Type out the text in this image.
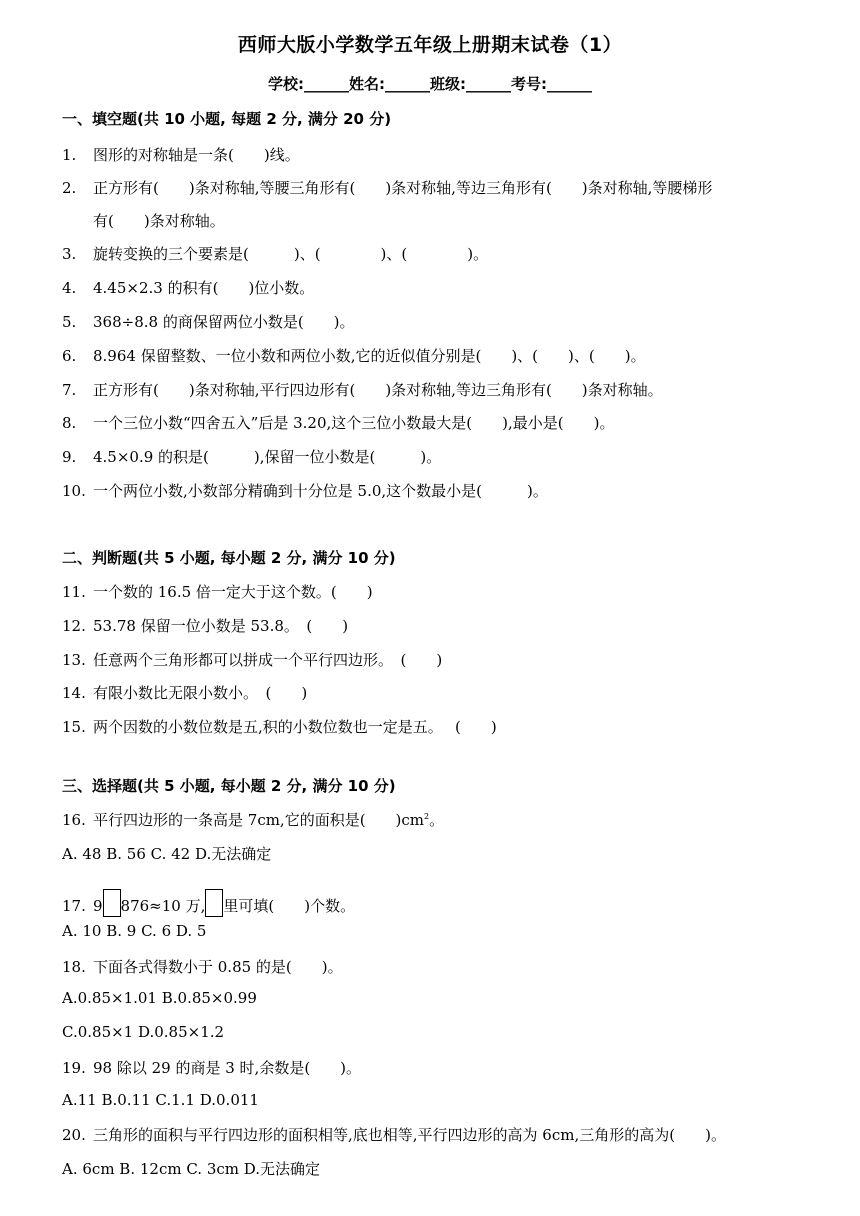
西师大版小学数学五年级上册期末试卷（1）
学校:______姓名:______班级:______考号:______
一、填空题(共 10 小题, 每题 2 分, 满分 20 分)
1. 图形的对称轴是一条(　　)线。
2. 正方形有(　　)条对称轴,等腰三角形有(　　)条对称轴,等边三角形有(　　)条对称轴,等腰梯形
有(　　)条对称轴。
3. 旋转变换的三个要素是(　　　)、(　　　　)、(　　　　)。
4. 4.45×2.3 的积有(　　)位小数。
5. 368÷8.8 的商保留两位小数是(　　)。
6. 8.964 保留整数、一位小数和两位小数,它的近似值分别是(　　)、(　　)、(　　)。
7. 正方形有(　　)条对称轴,平行四边形有(　　)条对称轴,等边三角形有(　　)条对称轴。
8. 一个三位小数“四舍五入”后是 3.20,这个三位小数最大是(　　),最小是(　　)。
9. 4.5×0.9 的积是(　　　),保留一位小数是(　　　)。
10. 一个两位小数,小数部分精确到十分位是 5.0,这个数最小是(　　　)。
二、判断题(共 5 小题, 每小题 2 分, 满分 10 分)
11. 一个数的 16.5 倍一定大于这个数。(　　)
12. 53.78 保留一位小数是 53.8。　(　　)
13. 任意两个三角形都可以拼成一个平行四边形。　(　　)
14. 有限小数比无限小数小。　(　　)
15. 两个因数的小数位数是五,积的小数位数也一定是五。　 (　　)
三、选择题(共 5 小题, 每小题 2 分, 满分 10 分)
16. 平行四边形的一条高是 7cm,它的面积是(　　)$cm^2$。
A. 48 B. 56 C. 42 D.无法确定
17. 9 876≈10 万, 里可填(　　)个数。
A. 10 B. 9 C. 6 D. 5
18. 下面各式得数小于 0.85 的是(　　)。
A.0.85×1.01 B.0.85×0.99
C.0.85×1 D.0.85×1.2
19. 98 除以 29 的商是 3 时,余数是(　　)。
A.11 B.0.11 C.1.1 D.0.011
20. 三角形的面积与平行四边形的面积相等,底也相等,平行四边形的高为 6cm,三角形的高为(　　)。
A. 6cm B. 12cm C. 3cm D.无法确定
